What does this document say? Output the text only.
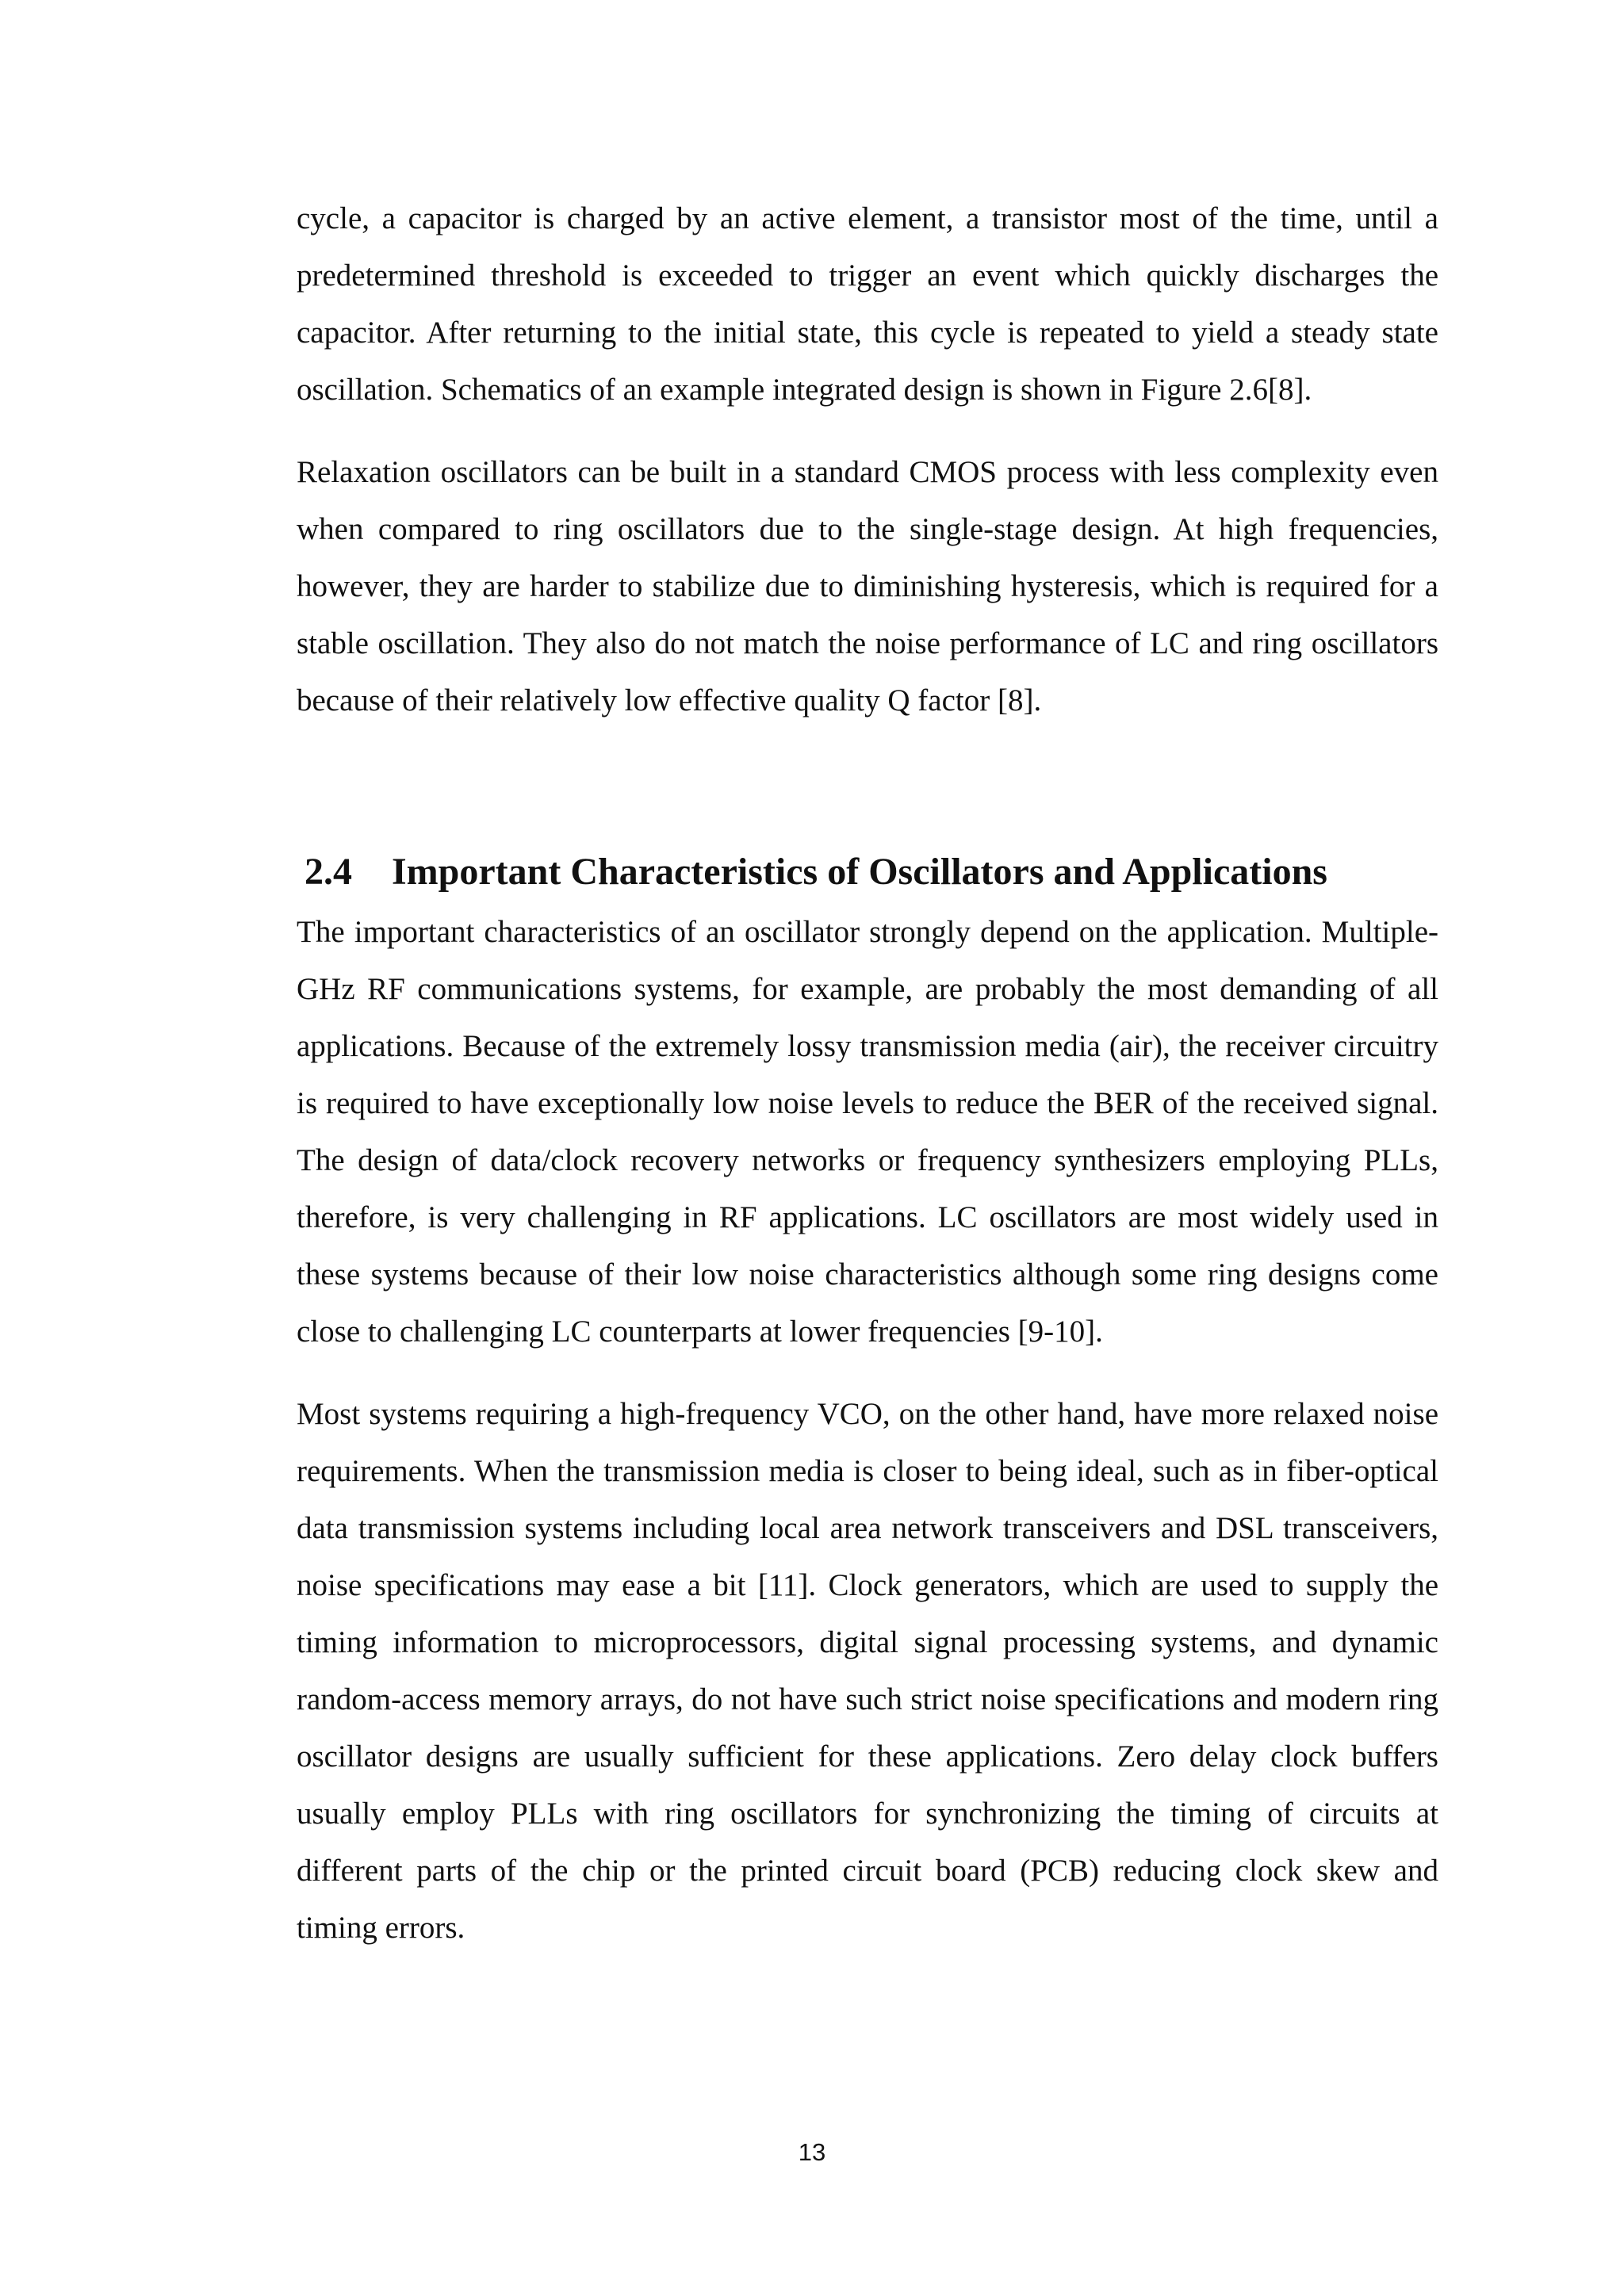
cycle, a capacitor is charged by an active element, a transistor most of the time, until a predetermined threshold is exceeded to trigger an event which quickly discharges the capacitor. After returning to the initial state, this cycle is repeated to yield a steady state oscillation. Schematics of an example integrated design is shown in Figure 2.6[8].

Relaxation oscillators can be built in a standard CMOS process with less complexity even when compared to ring oscillators due to the single-stage design. At high frequencies, however, they are harder to stabilize due to diminishing hysteresis, which is required for a stable oscillation. They also do not match the noise performance of LC and ring oscillators because of their relatively low effective quality Q factor [8].

2.4 Important Characteristics of Oscillators and Applications

The important characteristics of an oscillator strongly depend on the application. Multiple-GHz RF communications systems, for example, are probably the most demanding of all applications. Because of the extremely lossy transmission media (air), the receiver circuitry is required to have exceptionally low noise levels to reduce the BER of the received signal. The design of data/clock recovery networks or frequency synthesizers employing PLLs, therefore, is very challenging in RF applications. LC oscillators are most widely used in these systems because of their low noise characteristics although some ring designs come close to challenging LC counterparts at lower frequencies [9-10].

Most systems requiring a high-frequency VCO, on the other hand, have more relaxed noise requirements. When the transmission media is closer to being ideal, such as in fiber-optical data transmission systems including local area network transceivers and DSL transceivers, noise specifications may ease a bit [11]. Clock generators, which are used to supply the timing information to microprocessors, digital signal processing systems, and dynamic random-access memory arrays, do not have such strict noise specifications and modern ring oscillator designs are usually sufficient for these applications. Zero delay clock buffers usually employ PLLs with ring oscillators for synchronizing the timing of circuits at different parts of the chip or the printed circuit board (PCB) reducing clock skew and timing errors.

13
